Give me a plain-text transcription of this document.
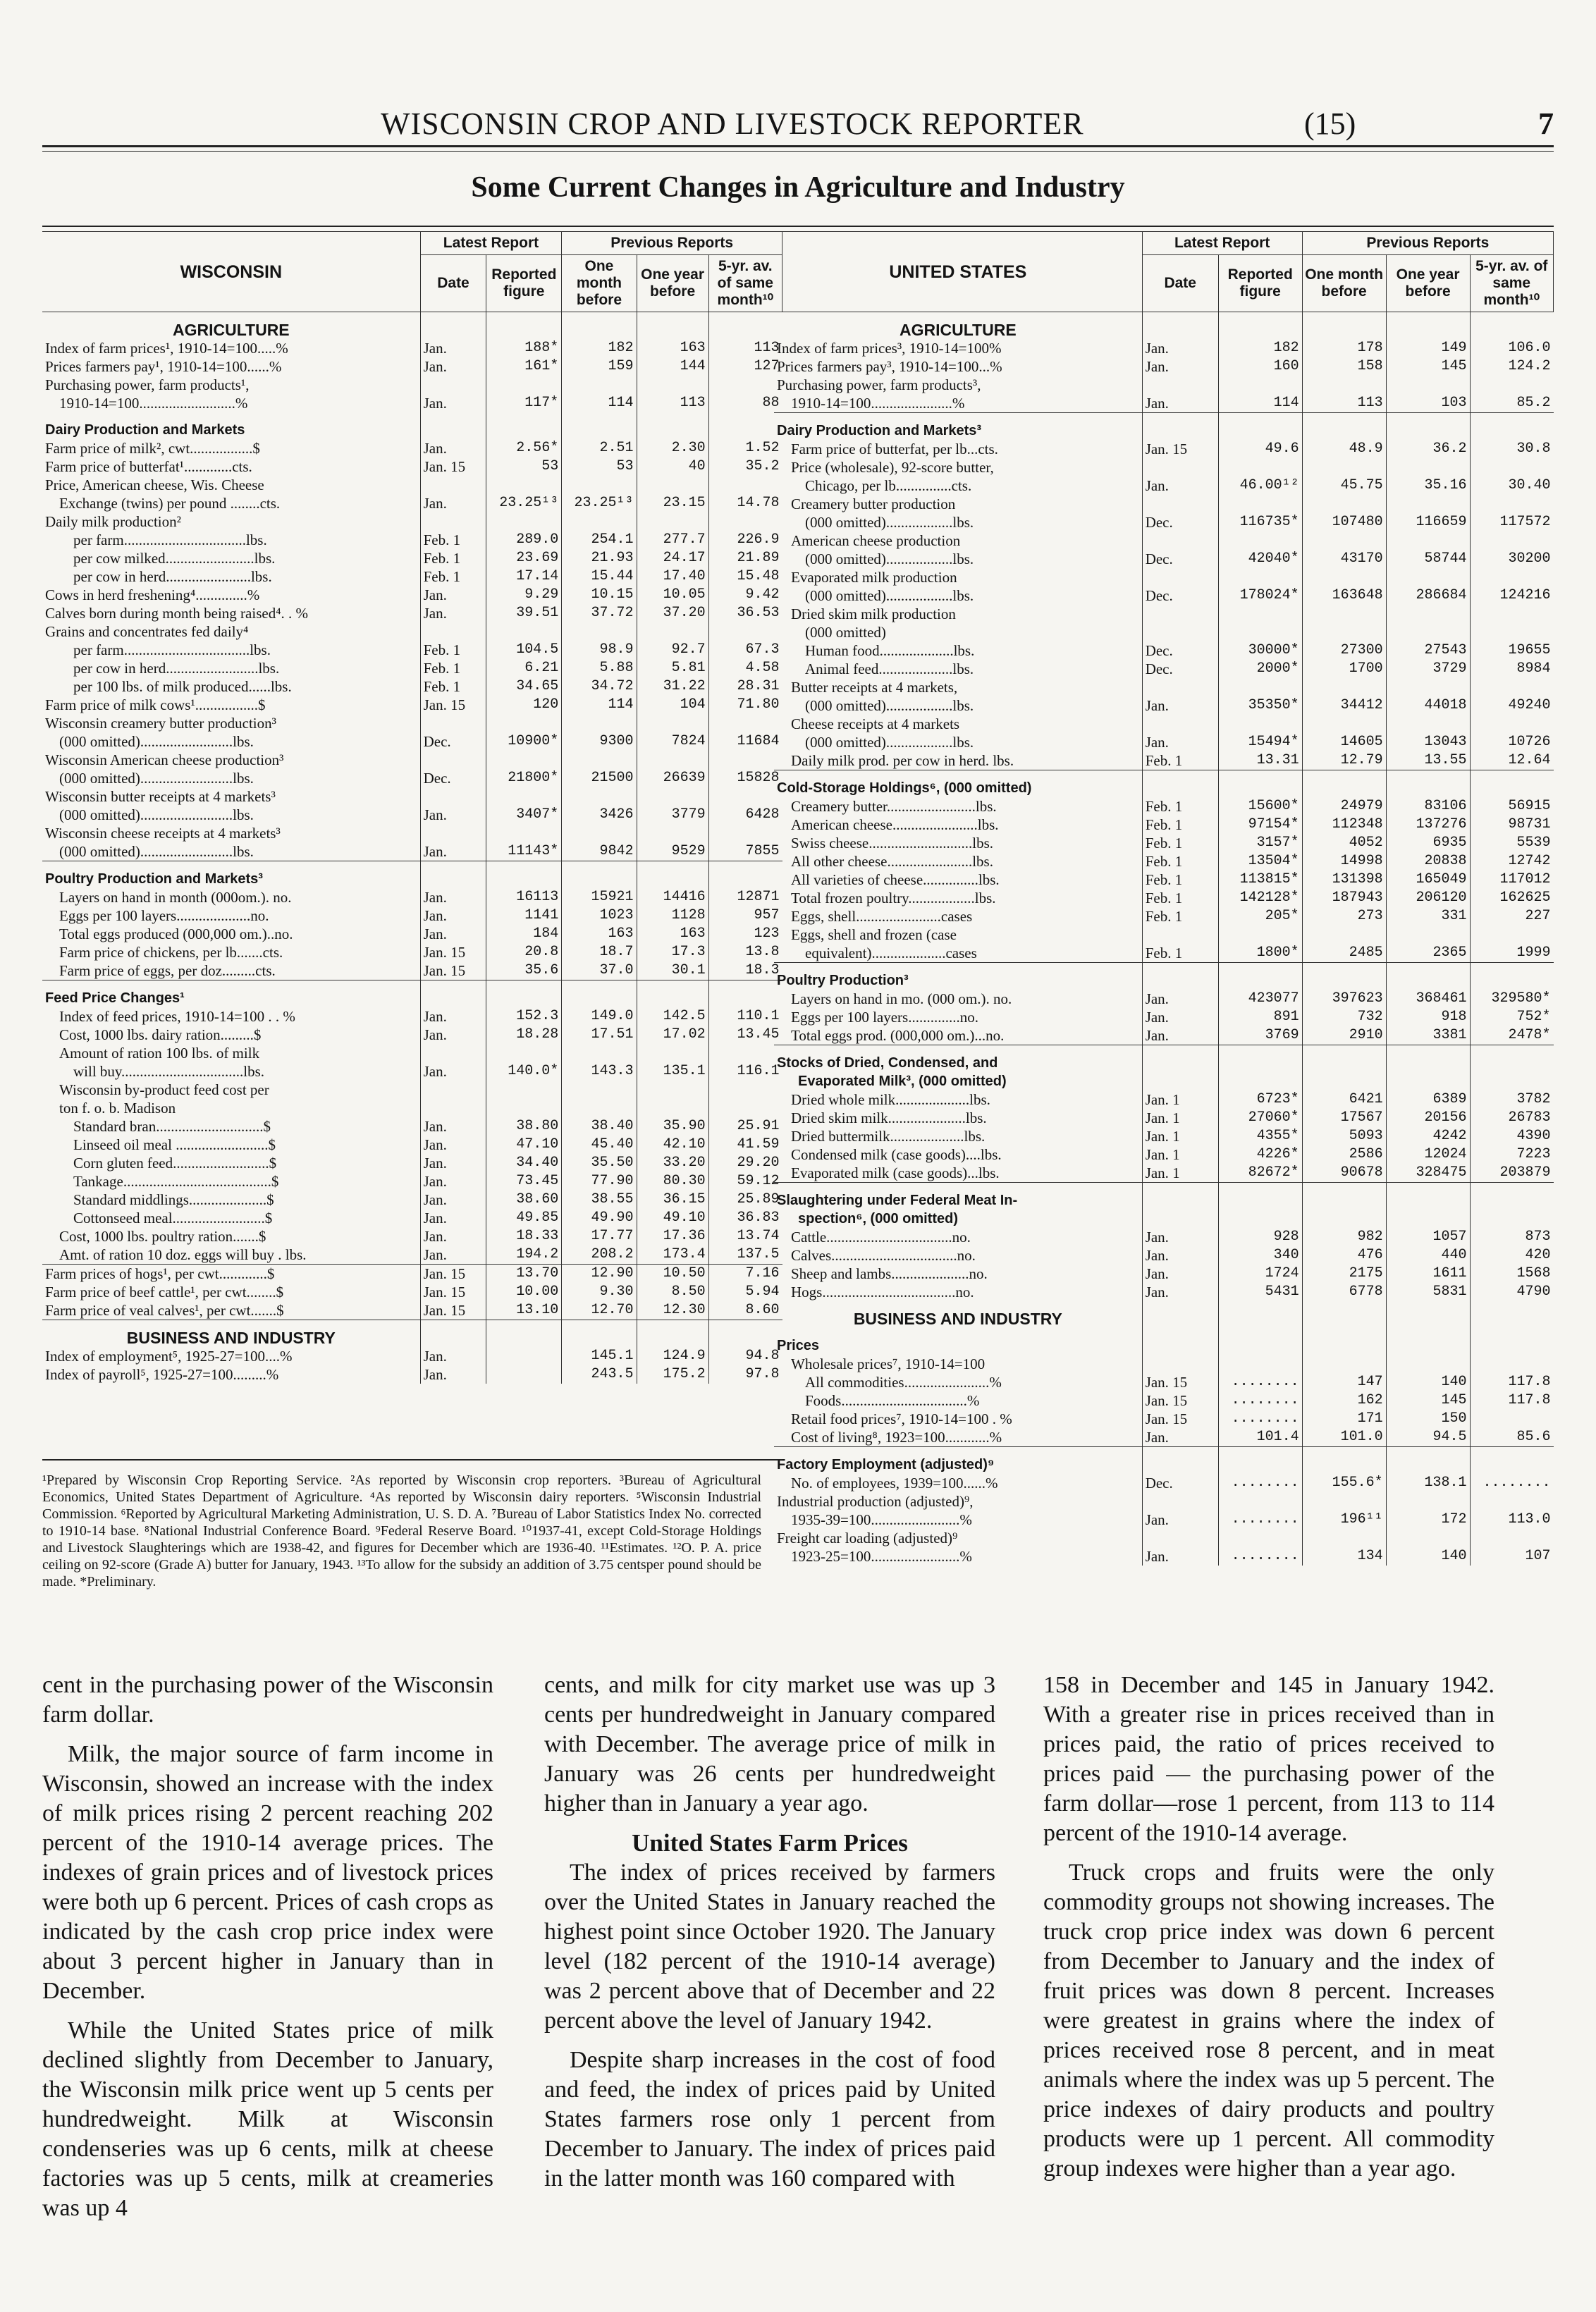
WISCONSIN CROP AND LIVESTOCK REPORTER	(15)	7
Some Current Changes in Agriculture and Industry
WISCONSIN	Latest Report		Previous Reports		
	Date	Reported figure	One month before	One year before	5-yr. av. of same month¹⁰
AGRICULTURE					
Index of farm prices¹, 1910-14=100.....%	Jan.	188*	182	163	113
Prices farmers pay¹, 1910-14=100......%	Jan.	161*	159	144	127
Purchasing power, farm products¹,					
1910-14=100..........................%	Jan.	117*	114	113	88
Dairy Production and Markets					
Farm price of milk², cwt.................$	Jan.	2.56*	2.51	2.30	1.52
Farm price of butterfat¹.............cts.	Jan. 15	53	53	40	35.2
Price, American cheese, Wis. Cheese					
Exchange (twins) per pound ........cts.	Jan.	23.25¹³	23.25¹³	23.15	14.78
Daily milk production²					
per farm.................................lbs.	Feb. 1	289.0	254.1	277.7	226.9
per cow milked........................lbs.	Feb. 1	23.69	21.93	24.17	21.89
per cow in herd.......................lbs.	Feb. 1	17.14	15.44	17.40	15.48
Cows in herd freshening⁴..............%	Jan.	9.29	10.15	10.05	9.42
Calves born during month being raised⁴. . %	Jan.	39.51	37.72	37.20	36.53
Grains and concentrates fed daily⁴					
per farm..................................lbs.	Feb. 1	104.5	98.9	92.7	67.3
per cow in herd.........................lbs.	Feb. 1	6.21	5.88	5.81	4.58
per 100 lbs. of milk produced......lbs.	Feb. 1	34.65	34.72	31.22	28.31
Farm price of milk cows¹.................$	Jan. 15	120	114	104	71.80
Wisconsin creamery butter production³					
(000 omitted).........................lbs.	Dec.	10900*	9300	7824	11684
Wisconsin American cheese production³					
(000 omitted).........................lbs.	Dec.	21800*	21500	26639	15828
Wisconsin butter receipts at 4 markets³					
(000 omitted).........................lbs.	Jan.	3407*	3426	3779	6428
Wisconsin cheese receipts at 4 markets³					
(000 omitted).........................lbs.	Jan.	11143*	9842	9529	7855
Poultry Production and Markets³					
Layers on hand in month (000om.). no.	Jan.	16113	15921	14416	12871
Eggs per 100 layers....................no.	Jan.	1141	1023	1128	957
Total eggs produced (000,000 om.)..no.	Jan.	184	163	163	123
Farm price of chickens, per lb.......cts.	Jan. 15	20.8	18.7	17.3	13.8
Farm price of eggs, per doz.........cts.	Jan. 15	35.6	37.0	30.1	18.3
Feed Price Changes¹					
Index of feed prices, 1910-14=100 . . %	Jan.	152.3	149.0	142.5	110.1
Cost, 1000 lbs. dairy ration.........$	Jan.	18.28	17.51	17.02	13.45
Amount of ration 100 lbs. of milk					
will buy.................................lbs.	Jan.	140.0*	143.3	135.1	116.1
Wisconsin by-product feed cost per					
ton f. o. b. Madison					
Standard bran.............................$	Jan.	38.80	38.40	35.90	25.91
Linseed oil meal .........................$	Jan.	47.10	45.40	42.10	41.59
Corn gluten feed..........................$	Jan.	34.40	35.50	33.20	29.20
Tankage........................................$	Jan.	73.45	77.90	80.30	59.12
Standard middlings.....................$	Jan.	38.60	38.55	36.15	25.89
Cottonseed meal.........................$	Jan.	49.85	49.90	49.10	36.83
Cost, 1000 lbs. poultry ration.......$	Jan.	18.33	17.77	17.36	13.74
Amt. of ration 10 doz. eggs will buy . lbs.	Jan.	194.2	208.2	173.4	137.5
Farm prices of hogs¹, per cwt.............$	Jan. 15	13.70	12.90	10.50	7.16
Farm price of beef cattle¹, per cwt........$	Jan. 15	10.00	9.30	8.50	5.94
Farm price of veal calves¹, per cwt.......$	Jan. 15	13.10	12.70	12.30	8.60
BUSINESS AND INDUSTRY					
Index of employment⁵, 1925-27=100....%	Jan.		145.1	124.9	94.8
Index of payroll⁵, 1925-27=100.........%	Jan.		243.5	175.2	97.8
UNITED STATES	Latest Report		Previous Reports		
	Date	Reported figure	One month before	One year before	5-yr. av. of same month¹⁰
AGRICULTURE					
Index of farm prices³, 1910-14=100%	Jan.	182	178	149	106.0
Prices farmers pay³, 1910-14=100...%	Jan.	160	158	145	124.2
Purchasing power, farm products³,					
1910-14=100......................%	Jan.	114	113	103	85.2
Dairy Production and Markets³					
Farm price of butterfat, per lb...cts.	Jan. 15	49.6	48.9	36.2	30.8
Price (wholesale), 92-score butter,					
Chicago, per lb...............cts.	Jan.	46.00¹²	45.75	35.16	30.40
Creamery butter production					
(000 omitted)..................lbs.	Dec.	116735*	107480	116659	117572
American cheese production					
(000 omitted)..................lbs.	Dec.	42040*	43170	58744	30200
Evaporated milk production					
(000 omitted)..................lbs.	Dec.	178024*	163648	286684	124216
Dried skim milk production					
(000 omitted)					
Human food....................lbs.	Dec.	30000*	27300	27543	19655
Animal feed....................lbs.	Dec.	2000*	1700	3729	8984
Butter receipts at 4 markets,					
(000 omitted)..................lbs.	Jan.	35350*	34412	44018	49240
Cheese receipts at 4 markets					
(000 omitted)..................lbs.	Jan.	15494*	14605	13043	10726
Daily milk prod. per cow in herd. lbs.	Feb. 1	13.31	12.79	13.55	12.64
Cold-Storage Holdings⁶, (000 omitted)					
Creamery butter........................lbs.	Feb. 1	15600*	24979	83106	56915
American cheese.......................lbs.	Feb. 1	97154*	112348	137276	98731
Swiss cheese............................lbs.	Feb. 1	3157*	4052	6935	5539
All other cheese.......................lbs.	Feb. 1	13504*	14998	20838	12742
All varieties of cheese...............lbs.	Feb. 1	113815*	131398	165049	117012
Total frozen poultry..................lbs.	Feb. 1	142128*	187943	206120	162625
Eggs, shell.......................cases	Feb. 1	205*	273	331	227
Eggs, shell and frozen (case					
equivalent)....................cases	Feb. 1	1800*	2485	2365	1999
Poultry Production³					
Layers on hand in mo. (000 om.). no.	Jan.	423077	397623	368461	329580*
Eggs per 100 layers..............no.	Jan.	891	732	918	752*
Total eggs prod. (000,000 om.)...no.	Jan.	3769	2910	3381	2478*
Stocks of Dried, Condensed, and					
Evaporated Milk³, (000 omitted)					
Dried whole milk....................lbs.	Jan. 1	6723*	6421	6389	3782
Dried skim milk.....................lbs.	Jan. 1	27060*	17567	20156	26783
Dried buttermilk....................lbs.	Jan. 1	4355*	5093	4242	4390
Condensed milk (case goods)....lbs.	Jan. 1	4226*	2586	12024	7223
Evaporated milk (case goods)...lbs.	Jan. 1	82672*	90678	328475	203879
Slaughtering under Federal Meat In-					
spection⁶, (000 omitted)					
Cattle..................................no.	Jan.	928	982	1057	873
Calves..................................no.	Jan.	340	476	440	420
Sheep and lambs.....................no.	Jan.	1724	2175	1611	1568
Hogs....................................no.	Jan.	5431	6778	5831	4790
BUSINESS AND INDUSTRY					
Prices					
Wholesale prices⁷, 1910-14=100					
All commodities.......................%	Jan. 15	........	147	140	117.8
Foods..................................%	Jan. 15	........	162	145	117.8
Retail food prices⁷, 1910-14=100 . %	Jan. 15	........	171	150	
Cost of living⁸, 1923=100............%	Jan.	101.4	101.0	94.5	85.6
Factory Employment (adjusted)⁹					
No. of employees, 1939=100......%	Dec.	........	155.6*	138.1	........
Industrial production (adjusted)⁹,					
1935-39=100........................%	Jan.	........	196¹¹	172	113.0
Freight car loading (adjusted)⁹					
1923-25=100........................%	Jan.	........	134	140	107
¹Prepared by Wisconsin Crop Reporting Service. ²As reported by Wisconsin crop reporters. ³Bureau of Agricultural Economics, United States Department of Agriculture. ⁴As reported by Wisconsin dairy reporters. ⁵Wisconsin Industrial Commission. ⁶Reported by Agricultural Marketing Administration, U. S. D. A. ⁷Bureau of Labor Statistics Index No. corrected to 1910-14 base. ⁸National Industrial Conference Board. ⁹Federal Reserve Board. ¹⁰1937-41, except Cold-Storage Holdings and Livestock Slaughterings which are 1938-42, and figures for December which are 1936-40. ¹¹Estimates. ¹²O. P. A. price ceiling on 92-score (Grade A) butter for January, 1943. ¹³To allow for the subsidy an addition of 3.75 centsper pound should be made. *Preliminary.

cent in the purchasing power of the Wisconsin farm dollar.

Milk, the major source of farm income in Wisconsin, showed an increase with the index of milk prices rising 2 percent reaching 202 percent of the 1910-14 average prices. The indexes of grain prices and of livestock prices were both up 6 percent. Prices of cash crops as indicated by the cash crop price index were about 3 percent higher in January than in December.

While the United States price of milk declined slightly from December to January, the Wisconsin milk price went up 5 cents per hundredweight. Milk at Wisconsin condenseries was up 6 cents, milk at cheese factories was up 5 cents, milk at creameries was up 4

cents, and milk for city market use was up 3 cents per hundredweight in January compared with December. The average price of milk in January was 26 cents per hundredweight higher than in January a year ago.

United States Farm Prices

The index of prices received by farmers over the United States in January reached the highest point since October 1920. The January level (182 percent of the 1910-14 average) was 2 percent above that of December and 22 percent above the level of January 1942.

Despite sharp increases in the cost of food and feed, the index of prices paid by United States farmers rose only 1 percent from December to January. The index of prices paid in the latter month was 160 compared with

158 in December and 145 in January 1942. With a greater rise in prices received than in prices paid, the ratio of prices received to prices paid — the purchasing power of the farm dollar—rose 1 percent, from 113 to 114 percent of the 1910-14 average.

Truck crops and fruits were the only commodity groups not showing increases. The truck crop price index was down 6 percent from December to January and the index of fruit prices was down 8 percent. Increases were greatest in grains where the index of prices received rose 8 percent, and in meat animals where the index was up 5 percent. The price indexes of dairy products and poultry products were up 1 percent. All commodity group indexes were higher than a year ago.
